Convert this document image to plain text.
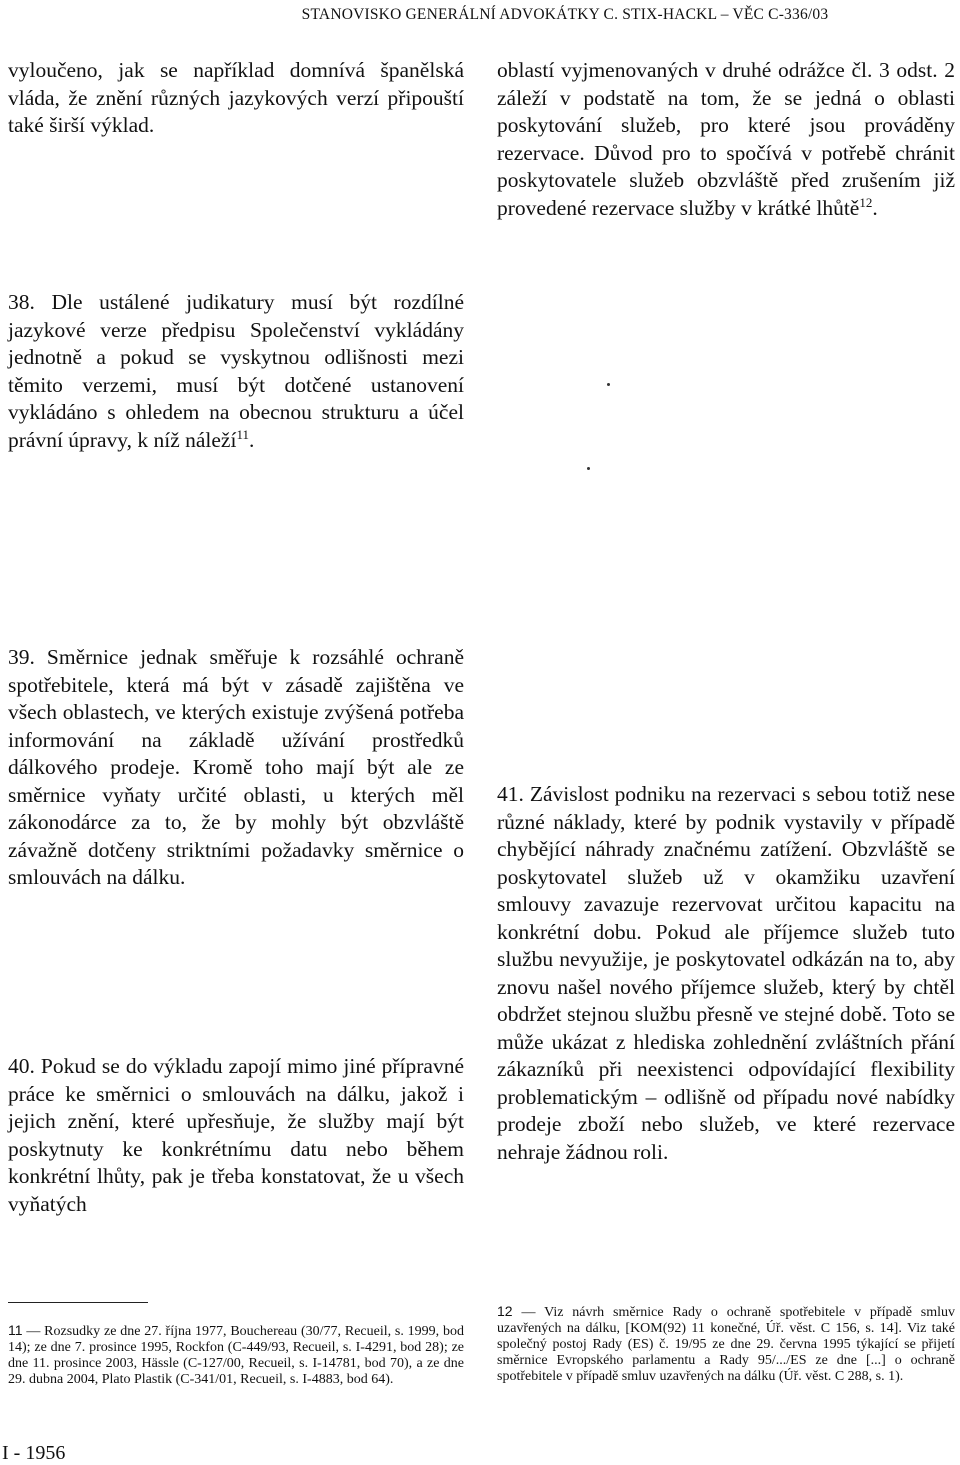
STANOVISKO GENERÁLNÍ ADVOKÁTKY C. STIX-HACKL – VĚC C-336/03

vyloučeno, jak se například domnívá španělská vláda, že znění různých jazykových verzí připouští také širší výklad.

38. Dle ustálené judikatury musí být rozdílné jazykové verze předpisu Společenství vykládány jednotně a pokud se vyskytnou odlišnosti mezi těmito verzemi, musí být dotčené ustanovení vykládáno s ohledem na obecnou strukturu a účel právní úpravy, k níž náleží$^{11}$.

39. Směrnice jednak směřuje k rozsáhlé ochraně spotřebitele, která má být v zásadě zajištěna ve všech oblastech, ve kterých existuje zvýšená potřeba informování na základě užívání prostředků dálkového prodeje. Kromě toho mají být ale ze směrnice vyňaty určité oblasti, u kterých měl zákonodárce za to, že by mohly být obzvláště závažně dotčeny striktními požadavky směrnice o smlouvách na dálku.

40. Pokud se do výkladu zapojí mimo jiné přípravné práce ke směrnici o smlouvách na dálku, jakož i jejich znění, které upřesňuje, že služby mají být poskytnuty ke konkrétnímu datu nebo během konkrétní lhůty, pak je třeba konstatovat, že u všech vyňatých

oblastí vyjmenovaných v druhé odrážce čl. 3 odst. 2 záleží v podstatě na tom, že se jedná o oblasti poskytování služeb, pro které jsou prováděny rezervace. Důvod pro to spočívá v potřebě chránit poskytovatele služeb obzvláště před zrušením již provedené rezervace služby v krátké lhůtě$^{12}$.

41. Závislost podniku na rezervaci s sebou totiž nese různé náklady, které by podnik vystavily v případě chybějící náhrady značnému zatížení. Obzvláště se poskytovatel služeb už v okamžiku uzavření smlouvy zavazuje rezervovat určitou kapacitu na konkrétní dobu. Pokud ale příjemce služeb tuto službu nevyužije, je poskytovatel odkázán na to, aby znovu našel nového příjemce služeb, který by chtěl obdržet stejnou službu přesně ve stejné době. Toto se může ukázat z hlediska zohlednění zvláštních přání zákazníků při neexistenci odpovídající flexibility problematickým – odlišně od případu nové nabídky prodeje zboží nebo služeb, ve které rezervace nehraje žádnou roli.

11 — Rozsudky ze dne 27. října 1977, Bouchereau (30/77, Recueil, s. 1999, bod 14); ze dne 7. prosince 1995, Rockfon (C-449/93, Recueil, s. I-4291, bod 28); ze dne 11. prosince 2003, Hässle (C-127/00, Recueil, s. I-14781, bod 70), a ze dne 29. dubna 2004, Plato Plastik (C-341/01, Recueil, s. I-4883, bod 64).

12 — Viz návrh směrnice Rady o ochraně spotřebitele v případě smluv uzavřených na dálku, [KOM(92) 11 konečné, Úř. věst. C 156, s. 14]. Viz také společný postoj Rady (ES) č. 19/95 ze dne 29. června 1995 týkající se přijetí směrnice Evropského parlamentu a Rady 95/.../ES ze dne [...] o ochraně spotřebitele v případě smluv uzavřených na dálku (Úř. věst. C 288, s. 1).

I - 1956
